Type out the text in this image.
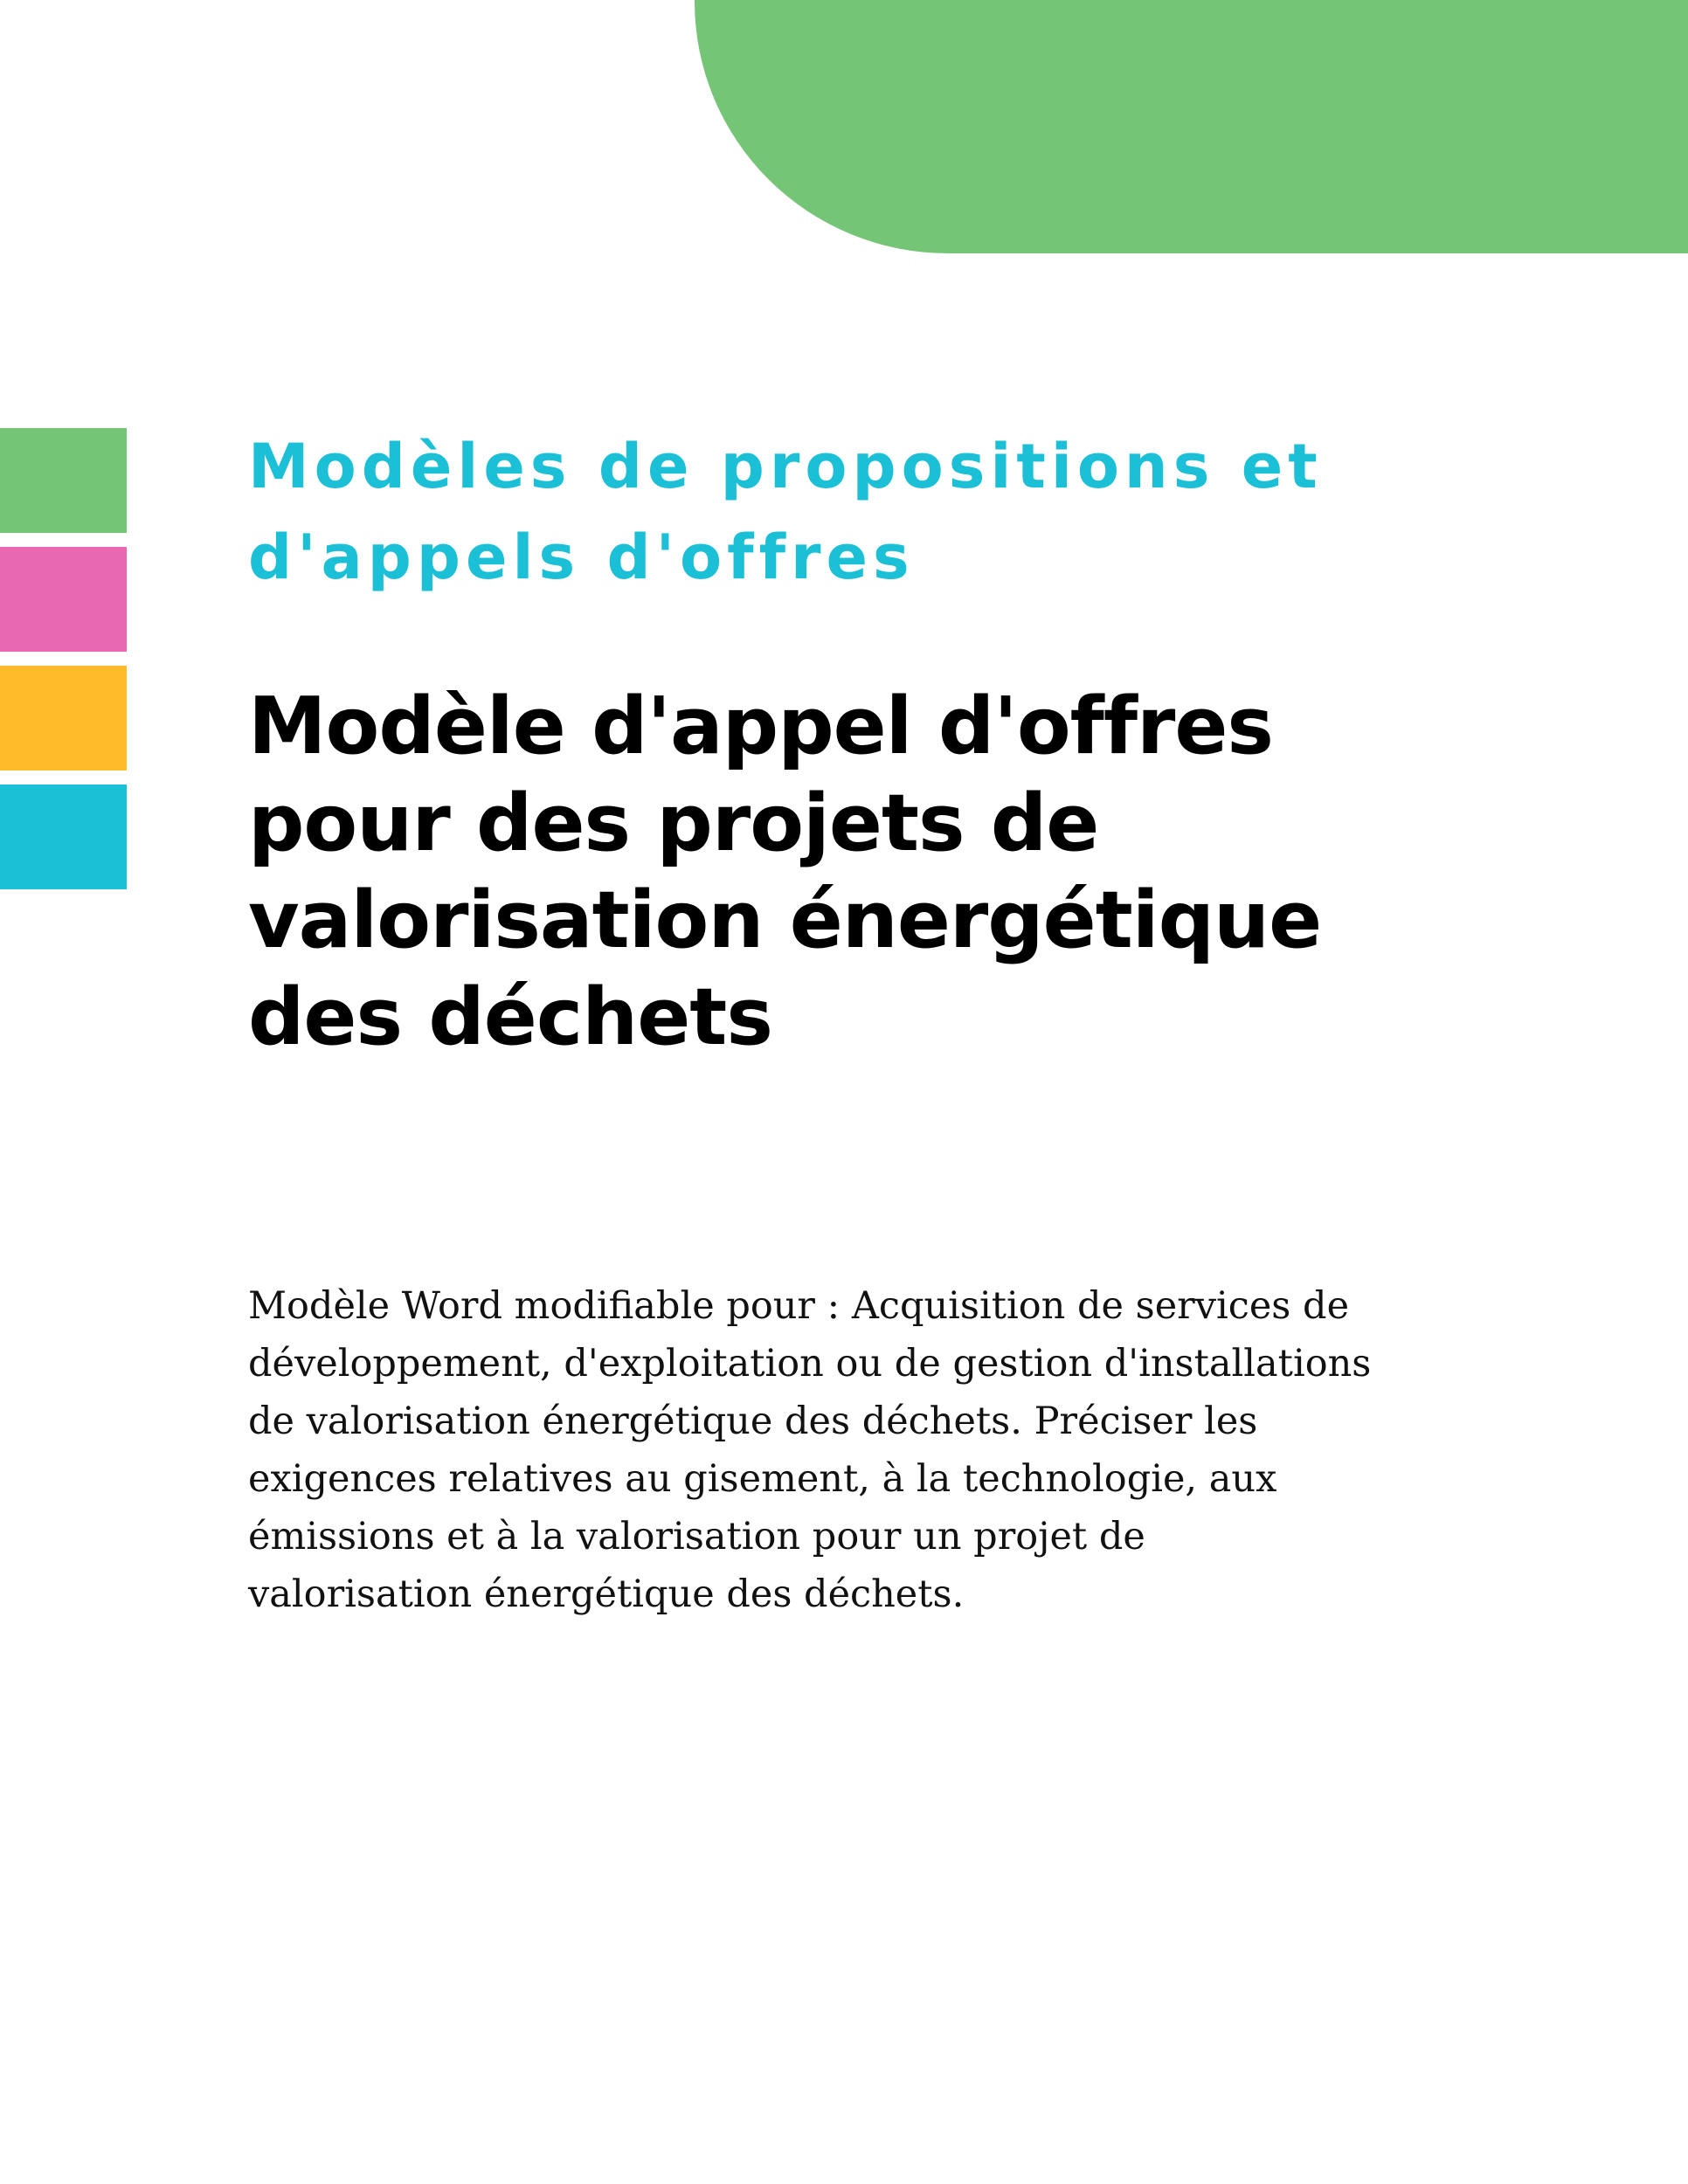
Modèles de propositions et
d'appels d'offres
Modèle d'appel d'offres
pour des projets de
valorisation énergétique
des déchets

Modèle Word modifiable pour : Acquisition de services de
développement, d'exploitation ou de gestion d'installations
de valorisation énergétique des déchets. Préciser les
exigences relatives au gisement, à la technologie, aux
émissions et à la valorisation pour un projet de
valorisation énergétique des déchets.
